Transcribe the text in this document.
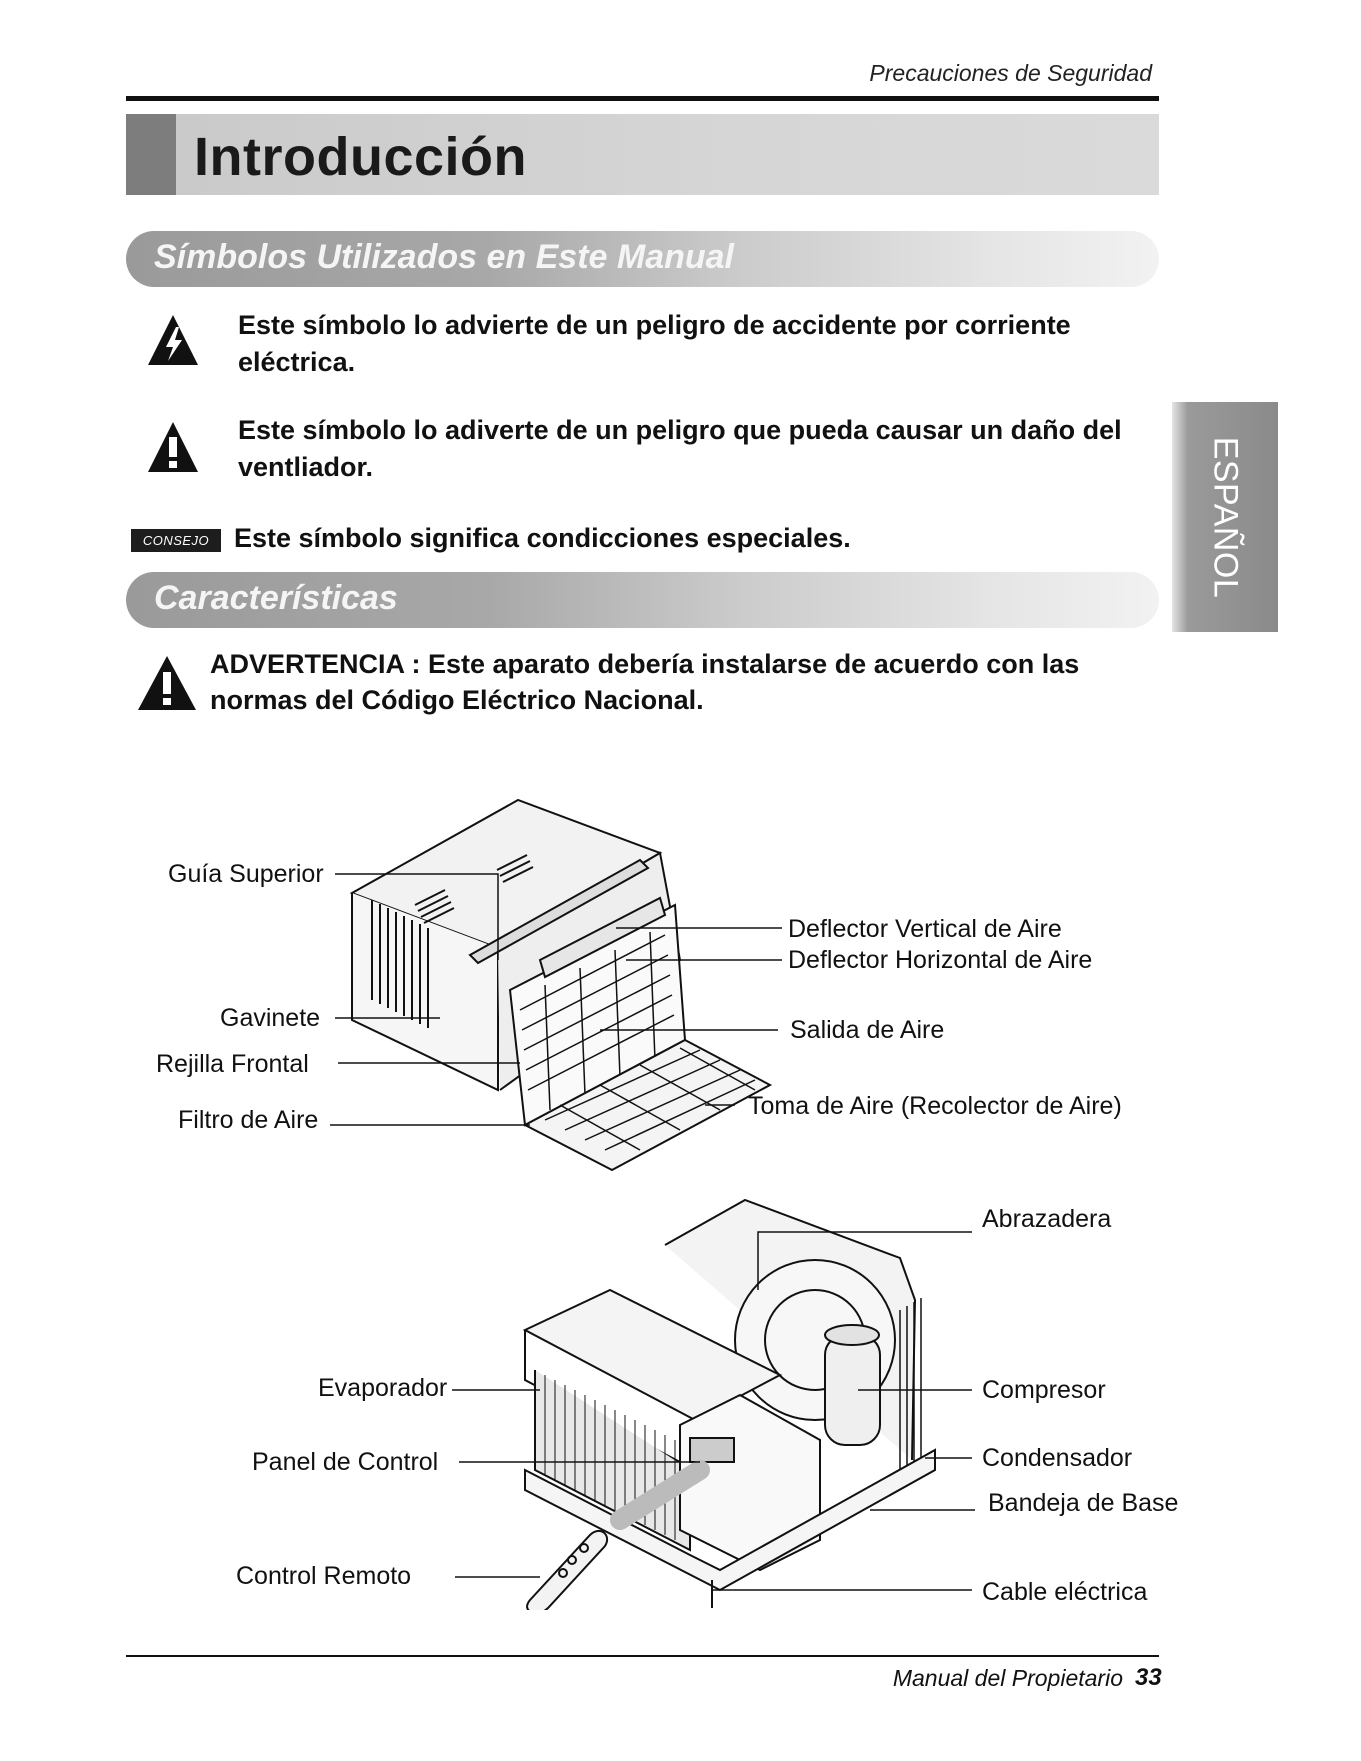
Precauciones de Seguridad
Introducción
Símbolos Utilizados en Este Manual
Este símbolo lo advierte de un peligro de accidente por corriente eléctrica.
Este símbolo lo adiverte de un peligro que pueda causar un daño del ventliador.
CONSEJO Este símbolo significa condicciones especiales.	ESPAÑOL
Características
ADVERTENCIA : Este aparato debería instalarse de acuerdo con las
normas del Código Eléctrico Nacional.
Guía Superior
Gavinete
Rejilla Frontal
Filtro de Aire
Deflector Vertical de Aire
Deflector Horizontal de Aire
Salida de Aire
Toma de Aire (Recolector de Aire)
Abrazadera
Evaporador	Compresor
Panel de Control	Condensador
Bandeja de Base
Control Remoto
Cable eléctrica
Manual del Propietario 33
